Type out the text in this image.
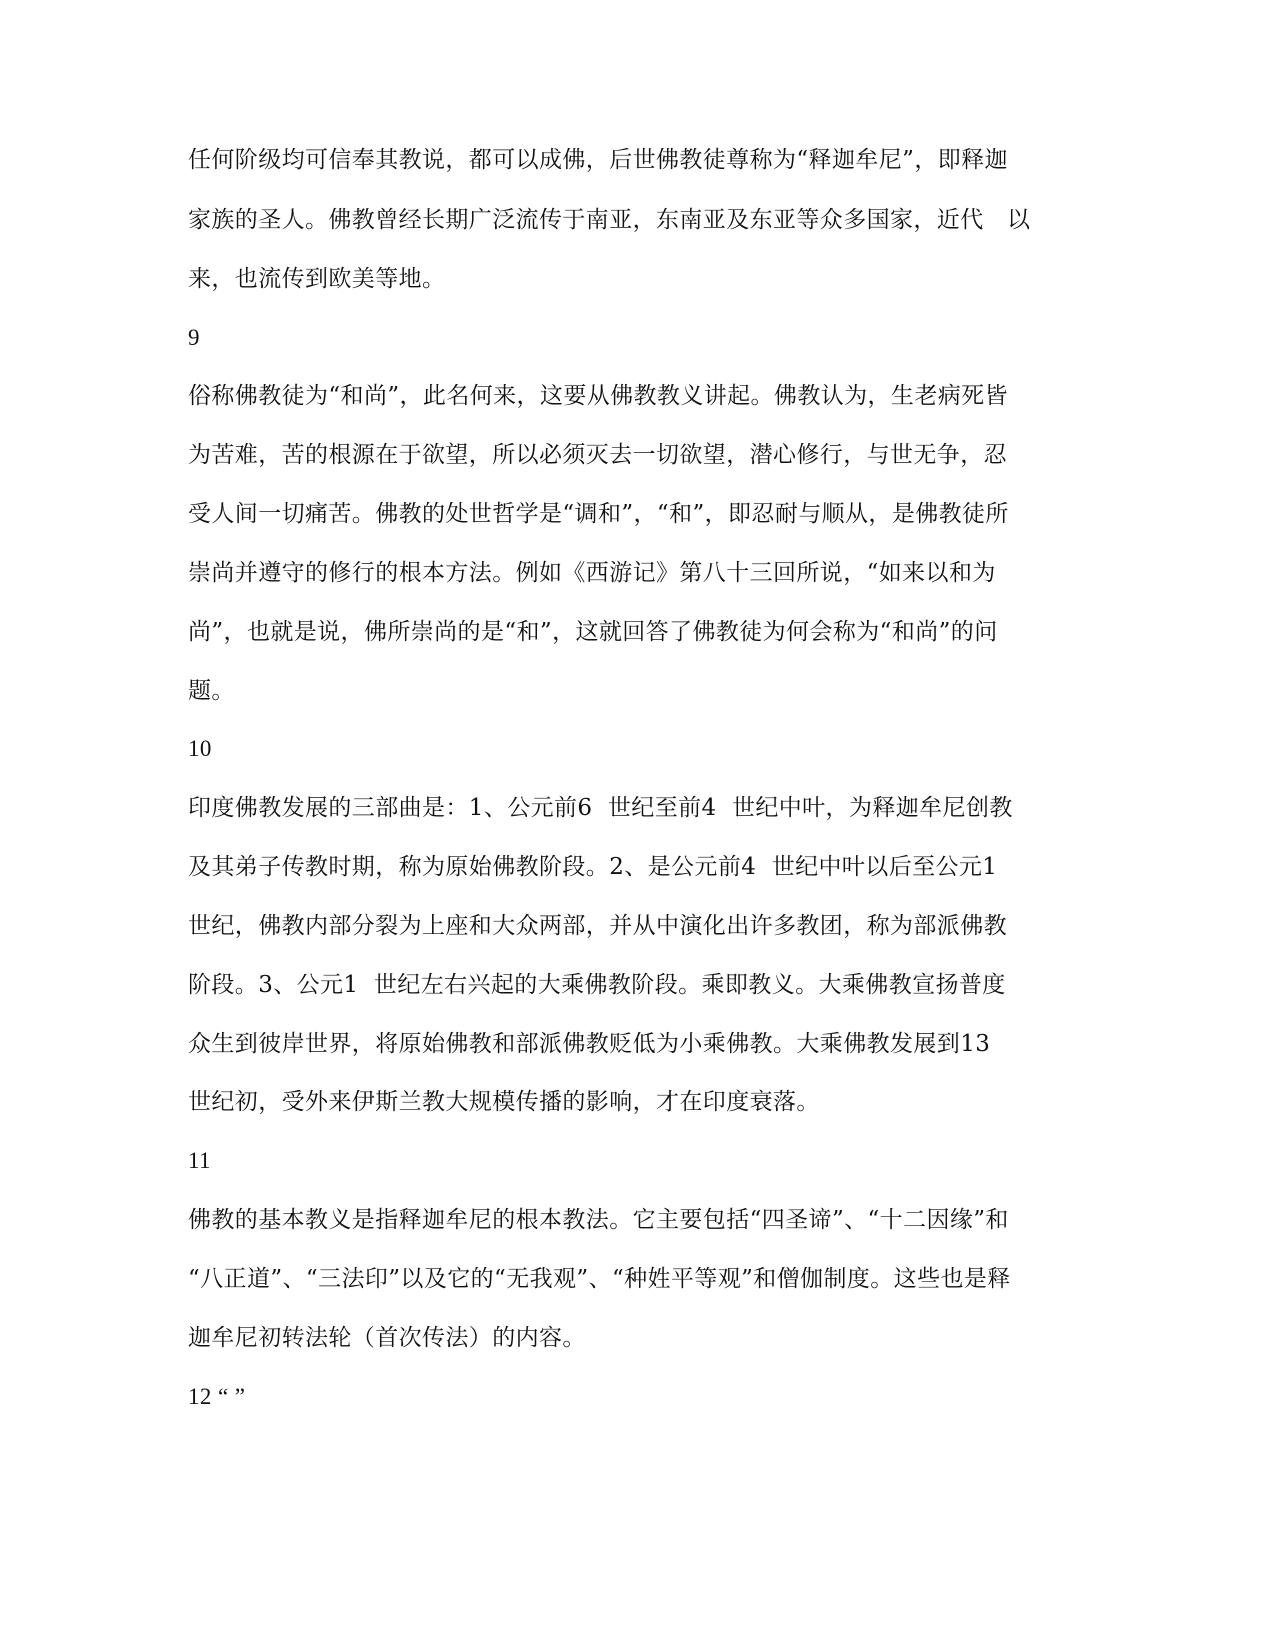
任何阶级均可信奉其教说，都可以成佛，后世佛教徒尊称为“释迦牟尼”，即释迦
家族的圣人。佛教曾经长期广泛流传于南亚，东南亚及东亚等众多国家，近代　以
来，也流传到欧美等地。
9
俗称佛教徒为“和尚”，此名何来，这要从佛教教义讲起。佛教认为，生老病死皆
为苦难，苦的根源在于欲望，所以必须灭去一切欲望，潜心修行，与世无争，忍
受人间一切痛苦。佛教的处世哲学是“调和”，“和”，即忍耐与顺从，是佛教徒所
崇尚并遵守的修行的根本方法。例如《西游记》第八十三回所说，“如来以和为
尚”，也就是说，佛所崇尚的是“和”，这就回答了佛教徒为何会称为“和尚”的问
题。
10
印度佛教发展的三部曲是：1、公元前6  世纪至前4  世纪中叶，为释迦牟尼创教
及其弟子传教时期，称为原始佛教阶段。2、是公元前4  世纪中叶以后至公元1
世纪，佛教内部分裂为上座和大众两部，并从中演化出许多教团，称为部派佛教
阶段。3、公元1  世纪左右兴起的大乘佛教阶段。乘即教义。大乘佛教宣扬普度
众生到彼岸世界，将原始佛教和部派佛教贬低为小乘佛教。大乘佛教发展到13
世纪初，受外来伊斯兰教大规模传播的影响，才在印度衰落。
11
佛教的基本教义是指释迦牟尼的根本教法。它主要包括“四圣谛”、“十二因缘”和
“八正道”、“三法印”以及它的“无我观”、“种姓平等观”和僧伽制度。这些也是释
迦牟尼初转法轮（首次传法）的内容。
12 “ ”
